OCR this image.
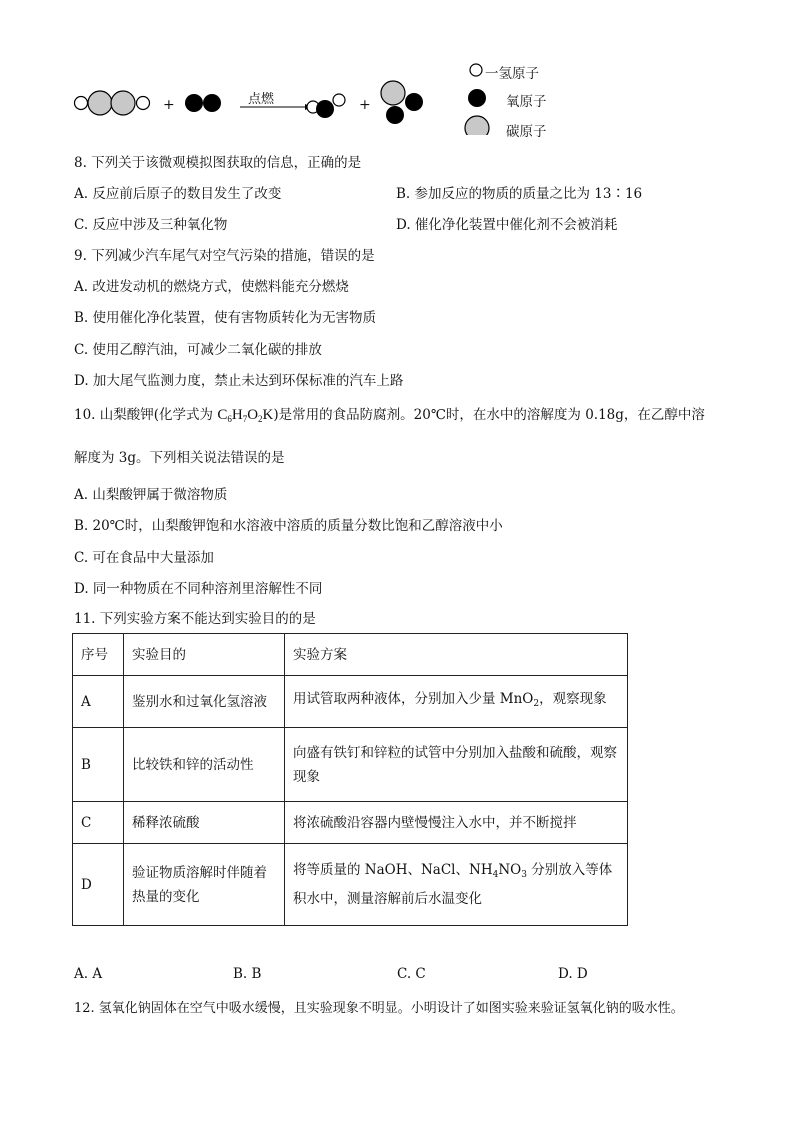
点燃
+	+
一氢原子
氧原子
碳原子
8. 下列关于该微观模拟图获取的信息，正确的是
A. 反应前后原子的数目发生了改变	B. 参加反应的物质的质量之比为 13∶16
C. 反应中涉及三种氧化物	D. 催化净化装置中催化剂不会被消耗
9. 下列减少汽车尾气对空气污染的措施，错误的是
A. 改进发动机的燃烧方式，使燃料能充分燃烧
B. 使用催化净化装置，使有害物质转化为无害物质
C. 使用乙醇汽油，可减少二氧化碳的排放
D. 加大尾气监测力度，禁止未达到环保标准的汽车上路
10. 山梨酸钾(化学式为 $C_6H_7O_2K$)是常用的食品防腐剂。20℃时，在水中的溶解度为 0.18g，在乙醇中溶
解度为 3g。下列相关说法错误的是
A. 山梨酸钾属于微溶物质
B. 20℃时，山梨酸钾饱和水溶液中溶质的质量分数比饱和乙醇溶液中小
C. 可在食品中大量添加
D. 同一种物质在不同种溶剂里溶解性不同
11. 下列实验方案不能达到实验目的的是
序号	实验目的	实验方案
A	鉴别水和过氧化氢溶液	用试管取两种液体，分别加入少量 MnO$_2$，观察现象
B	比较铁和锌的活动性	向盛有铁钉和锌粒的试管中分别加入盐酸和硫酸，观察现象
C	稀释浓硫酸	将浓硫酸沿容器内壁慢慢注入水中，并不断搅拌
D	验证物质溶解时伴随着热量的变化	将等质量的 NaOH、NaCl、$NH_4NO_3$ 分别放入等体积水中，测量溶解前后水温变化
A. A	B. B	C. C	D. D
12. 氢氧化钠固体在空气中吸水缓慢，且实验现象不明显。小明设计了如图实验来验证氢氧化钠的吸水性。
